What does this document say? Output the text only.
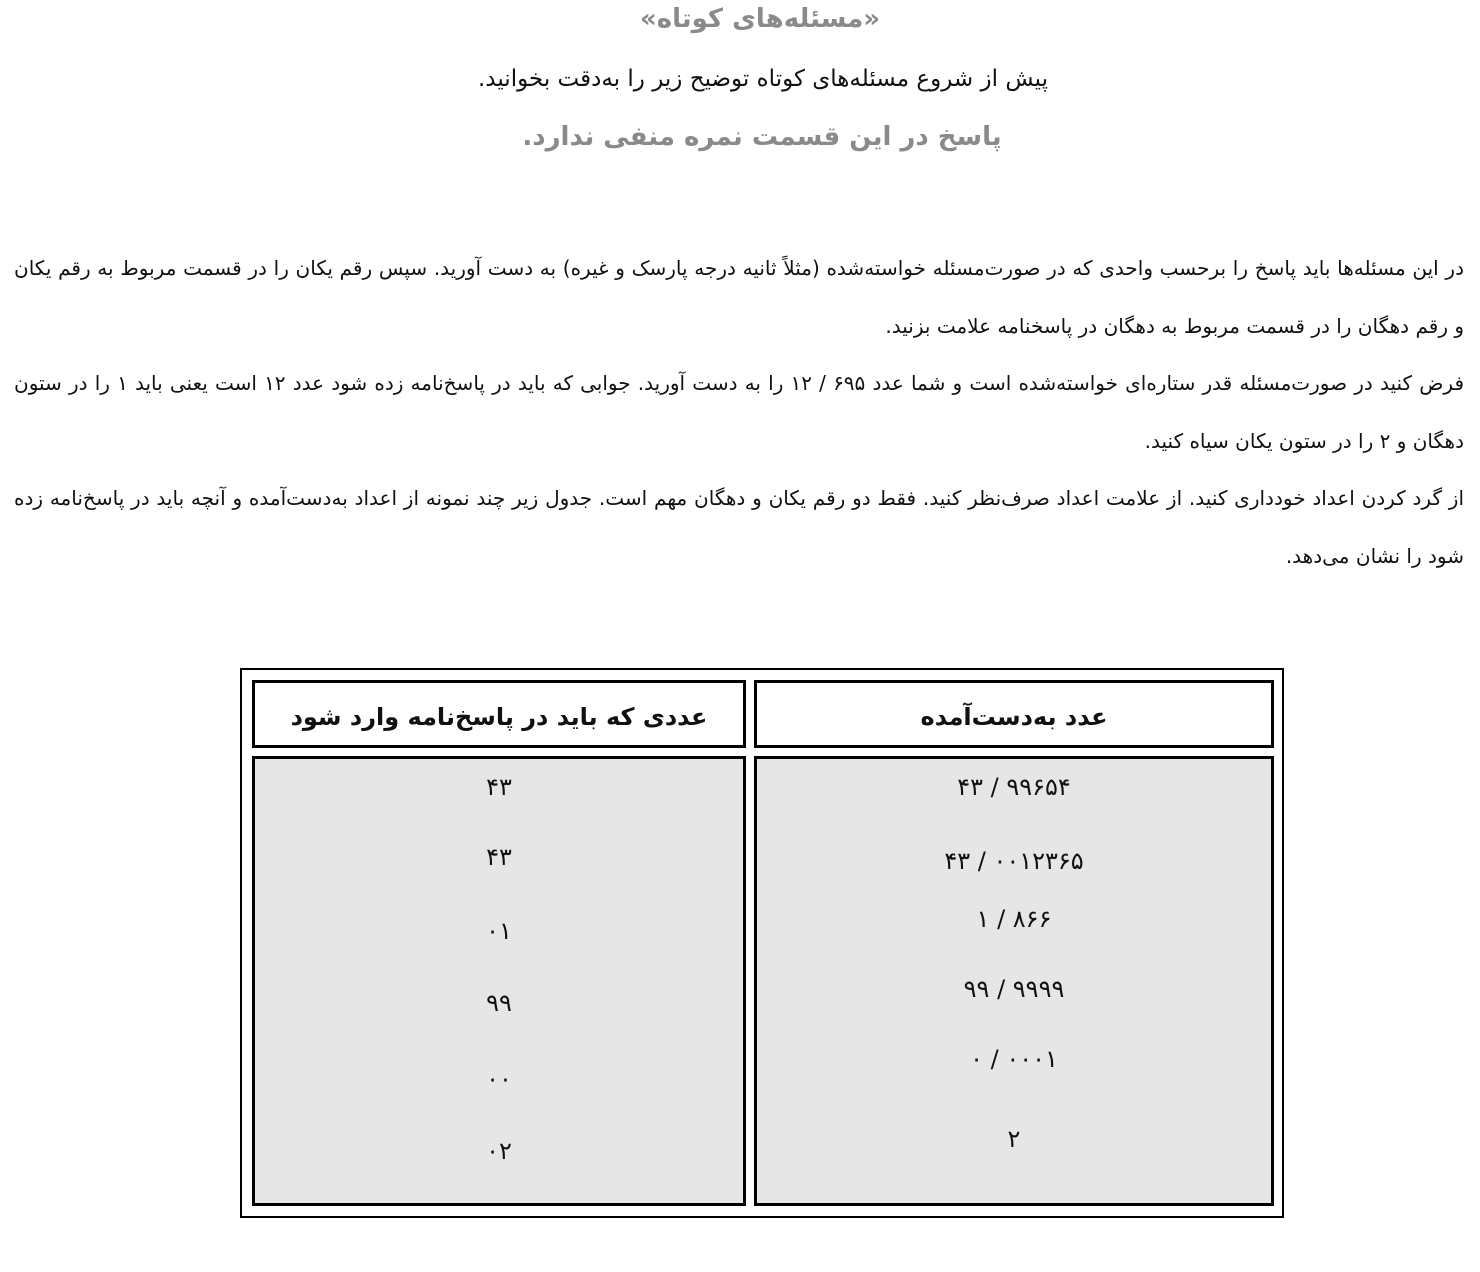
«مسئله‌های کوتاه»
پیش از شروع مسئله‌های کوتاه توضیح زیر را به‌دقت بخوانید.
پاسخ در این قسمت نمره منفی ندارد.

در این مسئله‌ها باید پاسخ را برحسب واحدی که در صورت‌مسئله خواسته‌شده (مثلاً ثانیه درجه پارسک و غیره) به دست آورید. سپس رقم یکان را در قسمت مربوط به رقم یکان و رقم دهگان را در قسمت مربوط به دهگان در پاسخنامه علامت بزنید.

فرض کنید در صورت‌مسئله قدر ستاره‌ای خواسته‌شده است و شما عدد ۶۹۵ / ۱۲ را به دست آورید. جوابی که باید در پاسخ‌نامه زده شود عدد ۱۲ است یعنی باید ۱ را در ستون دهگان و ۲ را در ستون یکان سیاه کنید.

از گرد کردن اعداد خودداری کنید. از علامت اعداد صرف‌نظر کنید. فقط دو رقم یکان و دهگان مهم است. جدول زیر چند نمونه از اعداد به‌دست‌آمده و آنچه باید در پاسخ‌نامه زده شود را نشان می‌دهد.

عدد به‌دست‌آمده
عددی که باید در پاسخ‌نامه وارد شود
۴۳ / ۹۹۶۵۴
۴۳ / ۰۰۱۲۳۶۵
۱ / ۸۶۶
۹۹ / ۹۹۹۹
۰ / ۰۰۰۱
۲
۴۳
۴۳
۰۱
۹۹
۰۰
۰۲
